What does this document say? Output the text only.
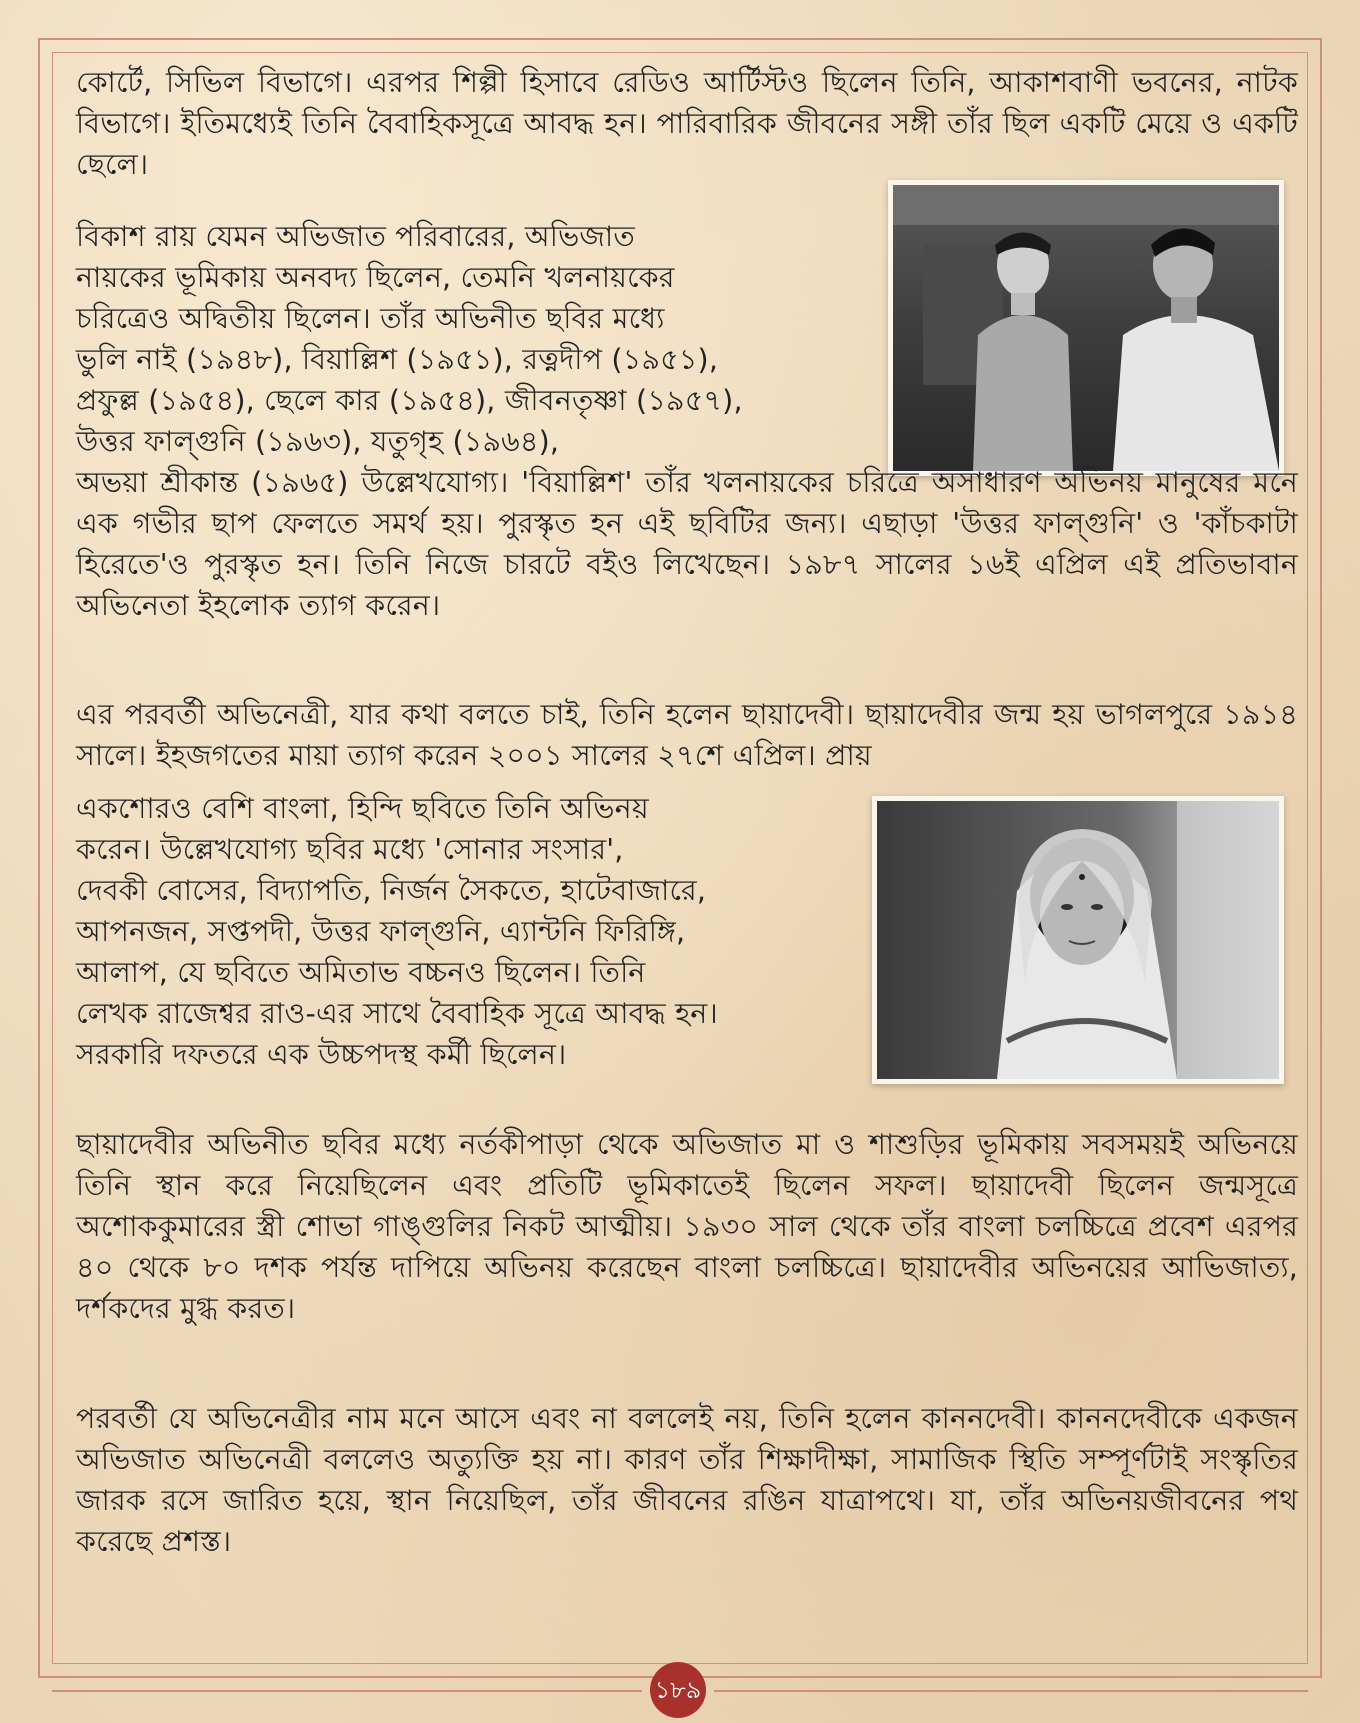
কোর্টে, সিভিল বিভাগে। এরপর শিল্পী হিসাবে রেডিও আর্টিস্টও ছিলেন তিনি, আকাশবাণী ভবনের, নাটক বিভাগে। ইতিমধ্যেই তিনি বৈবাহিকসূত্রে আবদ্ধ হন। পারিবারিক জীবনের সঙ্গী তাঁর ছিল একটি মেয়ে ও একটি ছেলে।

বিকাশ রায় যেমন অভিজাত পরিবারের, অভিজাত

নায়কের ভূমিকায় অনবদ্য ছিলেন, তেমনি খলনায়কের

চরিত্রেও অদ্বিতীয় ছিলেন। তাঁর অভিনীত ছবির মধ্যে

ভুলি নাই (১৯৪৮), বিয়াল্লিশ (১৯৫১), রত্নদীপ (১৯৫১),

প্রফুল্ল (১৯৫৪), ছেলে কার (১৯৫৪), জীবনতৃষ্ণা (১৯৫৭),

উত্তর ফাল্গুনি (১৯৬৩), যতুগৃহ (১৯৬৪),

অভয়া শ্রীকান্ত (১৯৬৫) উল্লেখযোগ্য। 'বিয়াল্লিশ' তাঁর খলনায়কের চরিত্রে অসাধারণ অভিনয় মানুষের মনে এক গভীর ছাপ ফেলতে সমর্থ হয়। পুরস্কৃত হন এই ছবিটির জন্য। এছাড়া 'উত্তর ফাল্গুনি' ও 'কাঁচকাটা হিরেতে'ও পুরস্কৃত হন। তিনি নিজে চারটে বইও লিখেছেন। ১৯৮৭ সালের ১৬ই এপ্রিল এই প্রতিভাবান অভিনেতা ইহলোক ত্যাগ করেন।

এর পরবর্তী অভিনেত্রী, যার কথা বলতে চাই, তিনি হলেন ছায়াদেবী। ছায়াদেবীর জন্ম হয় ভাগলপুরে ১৯১৪ সালে। ইহজগতের মায়া ত্যাগ করেন ২০০১ সালের ২৭শে এপ্রিল। প্রায়

একশোরও বেশি বাংলা, হিন্দি ছবিতে তিনি অভিনয়

করেন। উল্লেখযোগ্য ছবির মধ্যে 'সোনার সংসার',

দেবকী বোসের, বিদ্যাপতি, নির্জন সৈকতে, হাটেবাজারে,

আপনজন, সপ্তপদী, উত্তর ফাল্গুনি, এ্যান্টনি ফিরিঙ্গি,

আলাপ, যে ছবিতে অমিতাভ বচ্চনও ছিলেন। তিনি

লেখক রাজেশ্বর রাও-এর সাথে বৈবাহিক সূত্রে আবদ্ধ হন।

সরকারি দফতরে এক উচ্চপদস্থ কর্মী ছিলেন।

ছায়াদেবীর অভিনীত ছবির মধ্যে নর্তকীপাড়া থেকে অভিজাত মা ও শাশুড়ির ভূমিকায় সবসময়ই অভিনয়ে তিনি স্থান করে নিয়েছিলেন এবং প্রতিটি ভূমিকাতেই ছিলেন সফল। ছায়াদেবী ছিলেন জন্মসূত্রে অশোককুমারের স্ত্রী শোভা গাঙ্গুলির নিকট আত্মীয়। ১৯৩০ সাল থেকে তাঁর বাংলা চলচ্চিত্রে প্রবেশ এরপর ৪০ থেকে ৮০ দশক পর্যন্ত দাপিয়ে অভিনয় করেছেন বাংলা চলচ্চিত্রে। ছায়াদেবীর অভিনয়ের আভিজাত্য, দর্শকদের মুগ্ধ করত।

পরবর্তী যে অভিনেত্রীর নাম মনে আসে এবং না বললেই নয়, তিনি হলেন কাননদেবী। কাননদেবীকে একজন অভিজাত অভিনেত্রী বললেও অত্যুক্তি হয় না। কারণ তাঁর শিক্ষাদীক্ষা, সামাজিক স্থিতি সম্পূর্ণটাই সংস্কৃতির জারক রসে জারিত হয়ে, স্থান নিয়েছিল, তাঁর জীবনের রঙিন যাত্রাপথে। যা, তাঁর অভিনয়জীবনের পথ করেছে প্রশস্ত।

১৮৯
